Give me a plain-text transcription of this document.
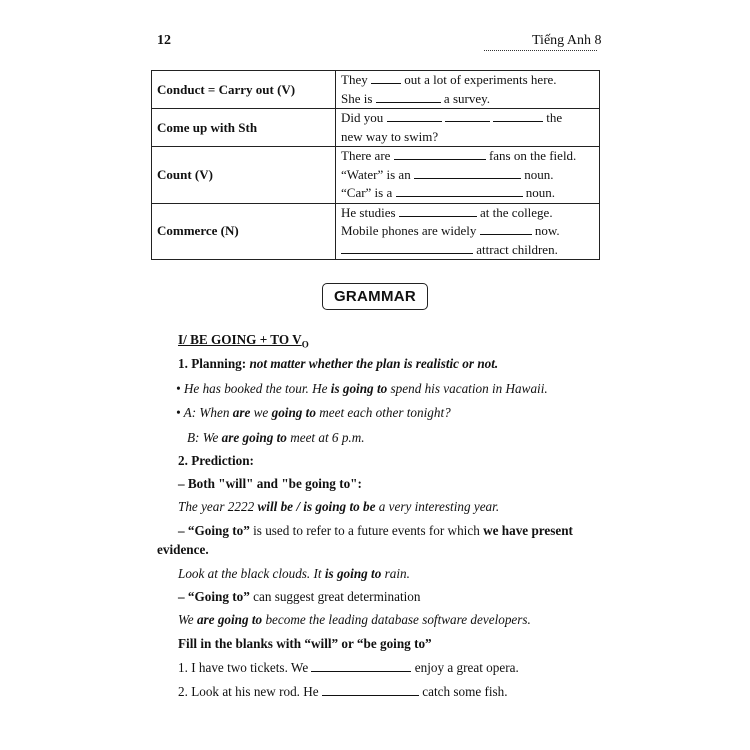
12	Tiếng Anh 8
Conduct = Carry out (V)	They out a lot of experiments here.
She is a survey.

Come up with Sth	Did you the
new way to swim?

Count (V)	There are fans on the field.
“Water” is an noun.
“Car” is a noun.

Commerce (N)	He studies at the college.
Mobile phones are widely now.
attract children.
GRAMMAR
I/ BE GOING + TO $V_O$
1. Planning: not matter whether the plan is realistic or not.
• He has booked the tour. He is going to spend his vacation in Hawaii.
• A: When are we going to meet each other tonight?
B: We are going to meet at 6 p.m.
2. Prediction:
– Both "will" and "be going to":
The year 2222 will be / is going to be a very interesting year.
– “Going to” is used to refer to a future events for which we have present
evidence.
Look at the black clouds. It is going to rain.
– “Going to” can suggest great determination
We are going to become the leading database software developers.
Fill in the blanks with “will” or “be going to”
1. I have two tickets. We	enjoy a great opera.
2. Look at his new rod. He	catch some fish.
